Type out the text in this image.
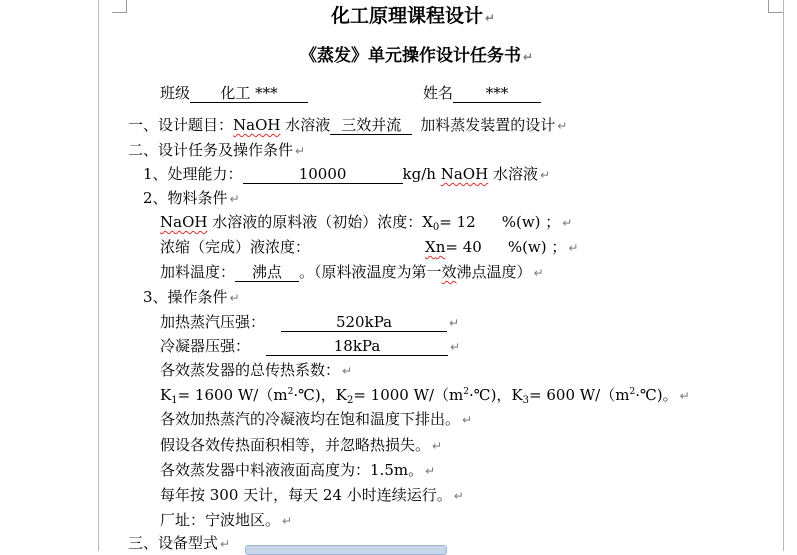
化工原理课程设计 ↵
《蒸发》单元操作设计任务书 ↵
班级 化工 ***	姓名 ***
一、设计题目：NaOH 水溶液 三效并流 加料蒸发装置的设计 ↵
二、设计任务及操作条件 ↵
1、处理能力：	10000	kg/h NaOH 水溶液 ↵
2、物料条件 ↵
NaOH 水溶液的原料液（初始）浓度：$X_0= 12$ %(w) ； ↵
浓缩（完成）液浓度：	Xn= 40 %(w) ； ↵
加料温度： 沸点 。（原料液温度为第一效沸点温度） ↵
3、操作条件 ↵
加热蒸汽压强：	520kPa	↵
冷凝器压强：	18kPa	↵
各效蒸发器的总传热系数： ↵
$K_1= 1600$ $W/(m^2\cdot℃)$，$K_2= 1000$ $W/(m^2\cdot℃)$，$K_3= 600$ $W/(m^2\cdot℃)$。 ↵
各效加热蒸汽的冷凝液均在饱和温度下排出。 ↵
假设各效传热面积相等，并忽略热损失。 ↵
各效蒸发器中料液液面高度为：1.5m。 ↵
每年按 300 天计，每天 24 小时连续运行。 ↵
厂址：宁波地区。 ↵
三、设备型式 ↵
